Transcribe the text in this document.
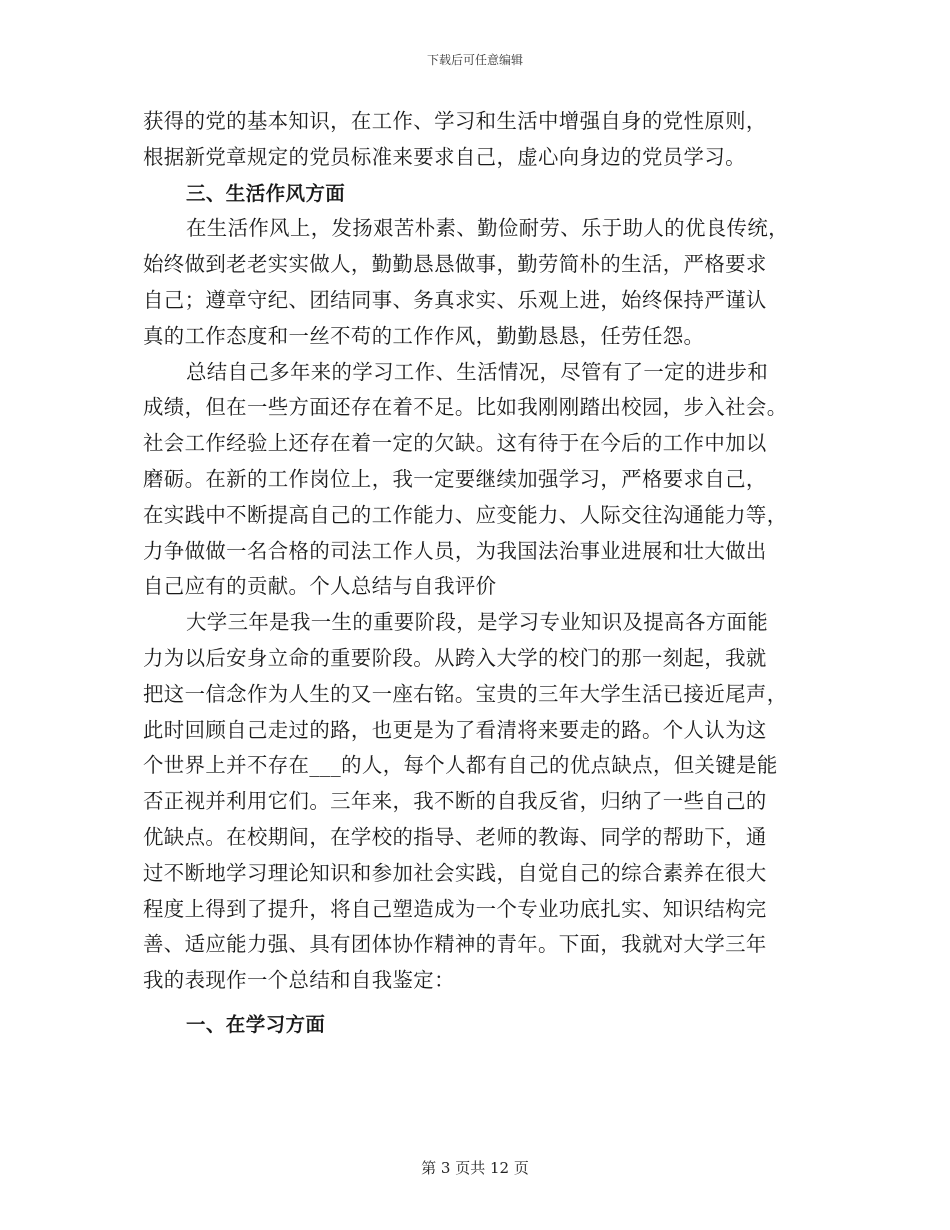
下载后可任意编辑
获得的党的基本知识，在工作、学习和生活中增强自身的党性原则，
根据新党章规定的党员标准来要求自己，虚心向身边的党员学习。
三、生活作风方面
在生活作风上，发扬艰苦朴素、勤俭耐劳、乐于助人的优良传统，
始终做到老老实实做人，勤勤恳恳做事，勤劳简朴的生活，严格要求
自己；遵章守纪、团结同事、务真求实、乐观上进，始终保持严谨认
真的工作态度和一丝不苟的工作作风，勤勤恳恳，任劳任怨。
总结自己多年来的学习工作、生活情况，尽管有了一定的进步和
成绩，但在一些方面还存在着不足。比如我刚刚踏出校园，步入社会。
社会工作经验上还存在着一定的欠缺。这有待于在今后的工作中加以
磨砺。在新的工作岗位上，我一定要继续加强学习，严格要求自己，
在实践中不断提高自己的工作能力、应变能力、人际交往沟通能力等，
力争做做一名合格的司法工作人员，为我国法治事业进展和壮大做出
自己应有的贡献。个人总结与自我评价
大学三年是我一生的重要阶段，是学习专业知识及提高各方面能
力为以后安身立命的重要阶段。从跨入大学的校门的那一刻起，我就
把这一信念作为人生的又一座右铭。宝贵的三年大学生活已接近尾声，
此时回顾自己走过的路，也更是为了看清将来要走的路。个人认为这
个世界上并不存在___的人，每个人都有自己的优点缺点，但关键是能
否正视并利用它们。三年来，我不断的自我反省，归纳了一些自己的
优缺点。在校期间，在学校的指导、老师的教诲、同学的帮助下，通
过不断地学习理论知识和参加社会实践，自觉自己的综合素养在很大
程度上得到了提升，将自己塑造成为一个专业功底扎实、知识结构完
善、适应能力强、具有团体协作精神的青年。下面，我就对大学三年
我的表现作一个总结和自我鉴定：
一、在学习方面
第 3 页共 12 页
